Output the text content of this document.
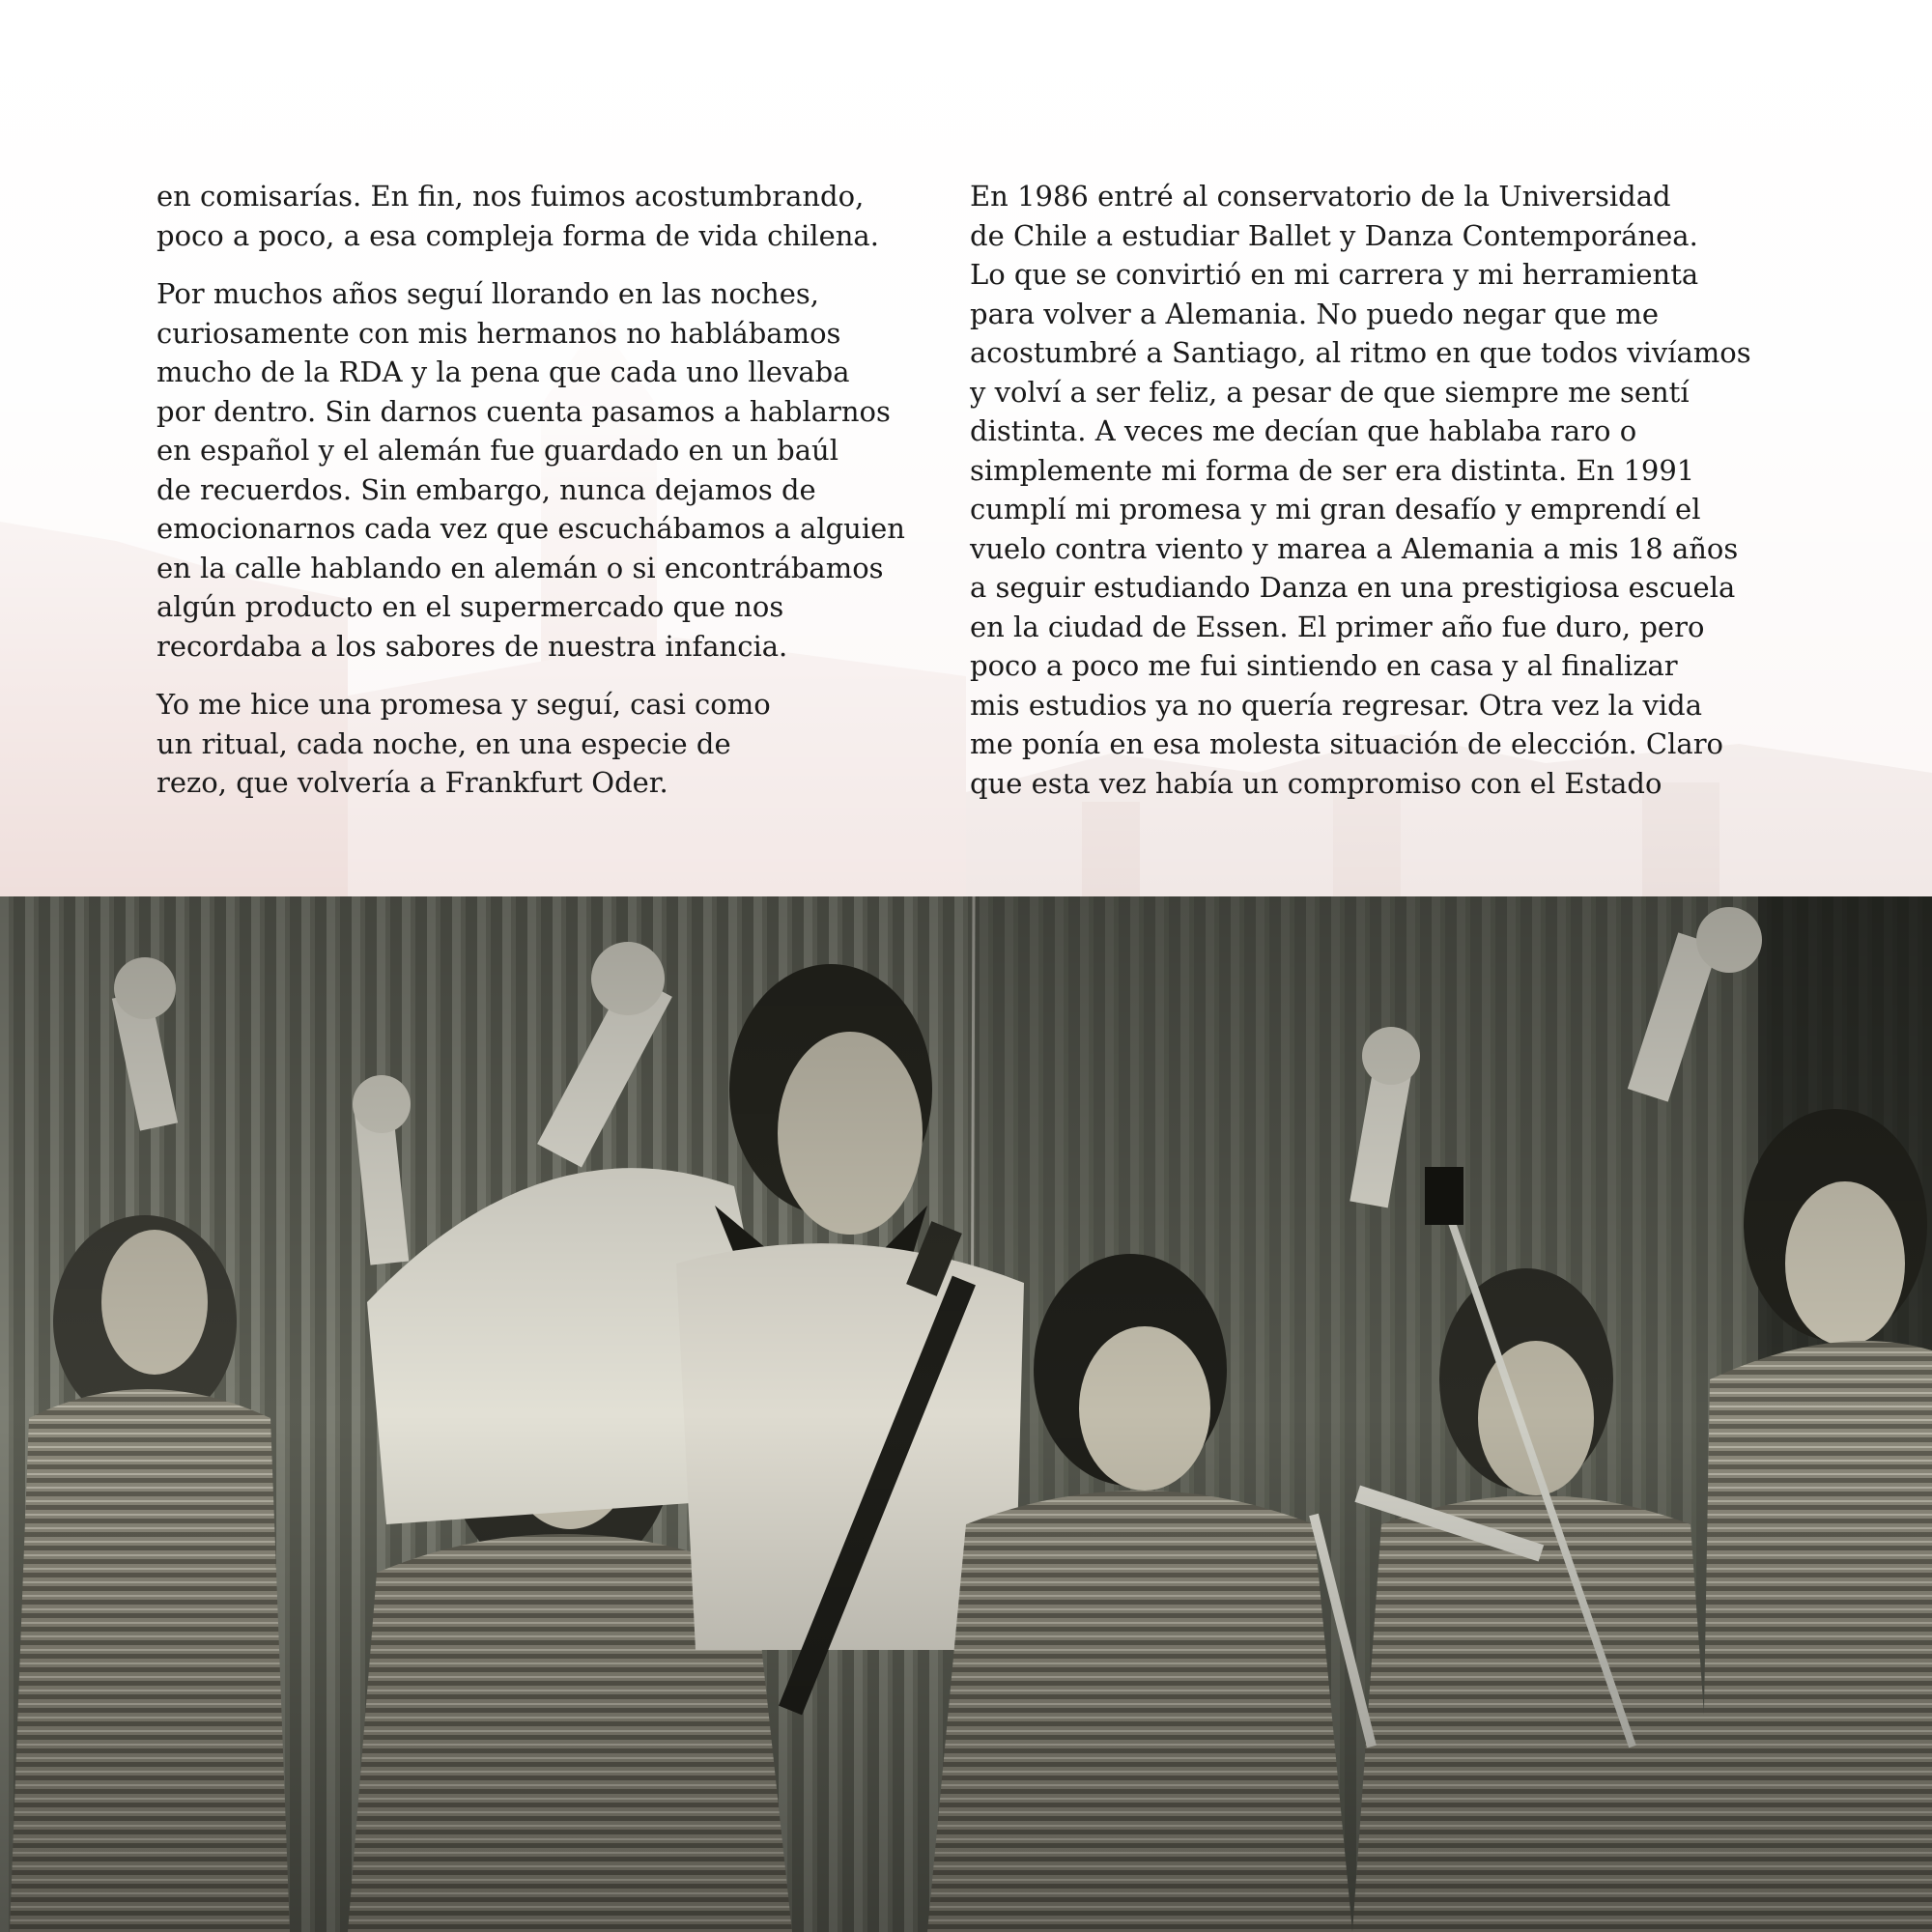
en comisarías. En fin, nos fuimos acostumbrando,
poco a poco, a esa compleja forma de vida chilena.

Por muchos años seguí llorando en las noches,
curiosamente con mis hermanos no hablábamos
mucho de la RDA y la pena que cada uno llevaba
por dentro. Sin darnos cuenta pasamos a hablarnos
en español y el alemán fue guardado en un baúl
de recuerdos. Sin embargo, nunca dejamos de
emocionarnos cada vez que escuchábamos a alguien
en la calle hablando en alemán o si encontrábamos
algún producto en el supermercado que nos
recordaba a los sabores de nuestra infancia.

Yo me hice una promesa y seguí, casi como
un ritual, cada noche, en una especie de
rezo, que volvería a Frankfurt Oder.

En 1986 entré al conservatorio de la Universidad
de Chile a estudiar Ballet y Danza Contemporánea.
Lo que se convirtió en mi carrera y mi herramienta
para volver a Alemania. No puedo negar que me
acostumbré a Santiago, al ritmo en que todos vivíamos
y volví a ser feliz, a pesar de que siempre me sentí
distinta. A veces me decían que hablaba raro o
simplemente mi forma de ser era distinta. En 1991
cumplí mi promesa y mi gran desafío y emprendí el
vuelo contra viento y marea a Alemania a mis 18 años
a seguir estudiando Danza en una prestigiosa escuela
en la ciudad de Essen. El primer año fue duro, pero
poco a poco me fui sintiendo en casa y al finalizar
mis estudios ya no quería regresar. Otra vez la vida
me ponía en esa molesta situación de elección. Claro
que esta vez había un compromiso con el Estado
